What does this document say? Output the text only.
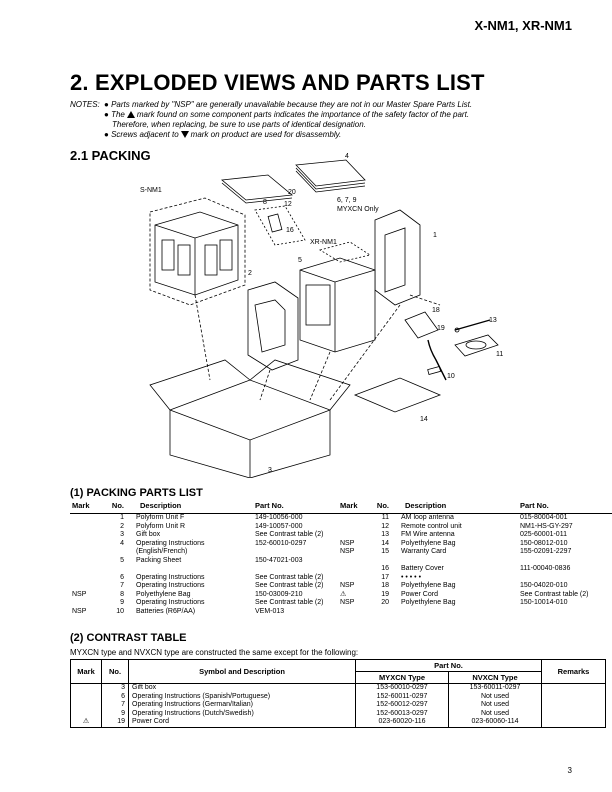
X-NM1, XR-NM1
2. EXPLODED VIEWS AND PARTS LIST
NOTES: ● Parts marked by "NSP" are generally unavailable because they are not in our Master Spare Parts List.
● The mark found on some component parts indicates the importance of the safety factor of the part.
Therefore, when replacing, be sure to use parts of identical designation.
● Screws adjacent to mark on product are used for disassembly.
2.1 PACKING	4
S-NM1	20
6, 7, 9
MYXCN Only
8 12
16
XR-NM1
1
2
5
18
19
13
11
10
14
3
(1) PACKING PARTS LIST
Mark	No.	Description	Part No.
	1	Polyform Unit F	149-10056-000
	2	Polyform Unit R	149-10057-000
	3	Gift box	See Contrast table (2)
	4	Operating Instructions	152-60010-0297
		(English/French)	
	5	Packing Sheet	150-47021-003

	6	Operating Instructions	See Contrast table (2)
	7	Operating Instructions	See Contrast table (2)
NSP	8	Polyethylene Bag	150-03009-210
	9	Operating Instructions	See Contrast table (2)
NSP	10	Batteries (R6P/AA)	VEM-013
Mark	No.	Description	Part No.
	11	AM loop antenna	015-80004-001
	12	Remote control unit	NM1-HS-GY-297
	13	FM Wire antenna	025-60001-011
NSP	14	Polyethylene Bag	150-08012-010
NSP	15	Warranty Card	155-02091-2297

	16	Battery Cover	111-00040-0836
	17	• • • • •	
NSP	18	Polyethylene Bag	150-04020-010
⚠	19	Power Cord	See Contrast table (2)
NSP	20	Polyethylene Bag	150-10014-010
(2) CONTRAST TABLE
MYXCN type and NVXCN type are constructed the same except for the following:
Mark	No.	Symbol and Description	Part No.		Remarks
			MYXCN Type	NVXCN Type	
	3	Gift box	153-60010-0297	153-60011-0297	
	6	Operating Instructions (Spanish/Portuguese)	152-60011-0297	Not used	
	7	Operating Instructions (German/Italian)	152-60012-0297	Not used	
	9	Operating Instructions (Dutch/Swedish)	152-60013-0297	Not used	
⚠	19	Power Cord	023-60020-116	023-60060-114	
3
